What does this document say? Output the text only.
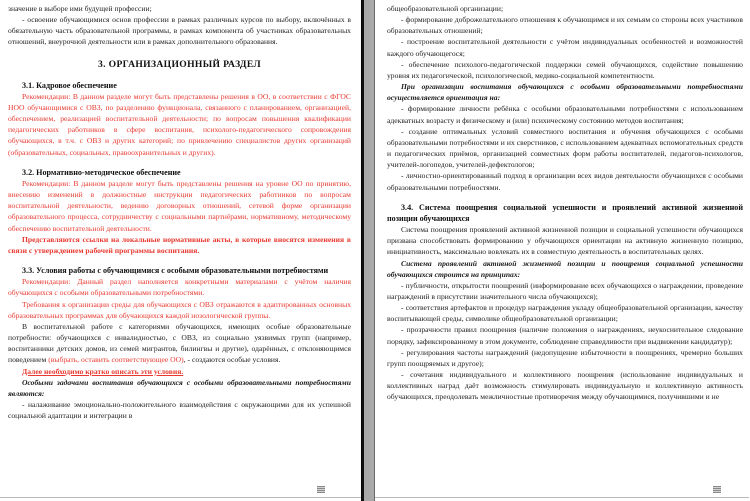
значение в выборе ими будущей профессии;

- освоение обучающимися основ профессии в рамках различных курсов по выбору, включённых в обязательную часть образовательной программы, в рамках компонента об участниках образовательных отношений, внеурочной деятельности или в рамках дополнительного образования.

3. ОРГАНИЗАЦИОННЫЙ РАЗДЕЛ
3.1. Кадровое обеспечение

Рекомендации: В данном разделе могут быть представлены решения в ОО, в соответствии с ФГОС НОО обучающимися с ОВЗ, по разделению функционала, связанного с планированием, организацией, обеспечением, реализацией воспитательной деятельности; по вопросам повышения квалификации педагогических работников в сфере воспитания, психолого-педагогического сопровождения обучающихся, в т.ч. с ОВЗ и других категорий; по привлечению специалистов других организаций (образовательных, социальных, правоохранительных и других).

3.2. Нормативно-методическое обеспечение

Рекомендации: В данном разделе могут быть представлены решения на уровне ОО по принятию, внесению изменений в должностные инструкции педагогических работников по вопросам воспитательной деятельности, ведению договорных отношений, сетевой форме организации образовательного процесса, сотрудничеству с социальными партнёрами, нормативному, методическому обеспечению воспитательной деятельности.

Представляются ссылки на локальные нормативные акты, в которые вносятся изменения в связи с утверждением рабочей программы воспитания.

3.3. Условия работы с обучающимися с особыми образовательными потребностями

Рекомендации: Данный раздел наполняется конкретными материалами с учётом наличия обучающихся с особыми образовательными потребностями.

Требования к организации среды для обучающихся с ОВЗ отражаются в адаптированных основных образовательных программах для обучающихся каждой нозологической группы.

В воспитательной работе с категориями обучающихся, имеющих особые образовательные потребности: обучающихся с инвалидностью, с ОВЗ, из социально уязвимых групп (например, воспитанники детских домов, из семей мигрантов, билингвы и другие), одарённых, с отклоняющимся поведением (выбрать, оставить соответствующее ОО), - создаются особые условия.

Далее необходимо кратко описать эти условия.

Особыми задачами воспитания обучающихся с особыми образовательными потребностями являются:

- налаживание эмоционально-положительного взаимодействия с окружающими для их успешной социальной адаптации и интеграции в

общеобразовательной организации;

- формирование доброжелательного отношения к обучающимся и их семьям со стороны всех участников образовательных отношений;

- построение воспитательной деятельности с учётом индивидуальных особенностей и возможностей каждого обучающегося;

- обеспечение психолого-педагогической поддержки семей обучающихся, содействие повышению уровня их педагогической, психологической, медико-социальной компетентности.

При организации воспитания обучающихся с особыми образовательными потребностями осуществляется ориентация на:

- формирование личности ребёнка с особыми образовательными потребностями с использованием адекватных возрасту и физическому и (или) психическому состоянию методов воспитания;

- создание оптимальных условий совместного воспитания и обучения обучающихся с особыми образовательными потребностями и их сверстников, с использованием адекватных вспомогательных средств и педагогических приёмов, организацией совместных форм работы воспитателей, педагогов-психологов, учителей-логопедов, учителей-дефектологов;

- личностно-ориентированный подход в организации всех видов деятельности обучающихся с особыми образовательными потребностями.

3.4. Система поощрения социальной успешности и проявлений активной жизненной позиции обучающихся

Система поощрения проявлений активной жизненной позиции и социальной успешности обучающихся призвана способствовать формированию у обучающихся ориентации на активную жизненную позицию, инициативность, максимально вовлекать их в совместную деятельность в воспитательных целях.

Система проявлений активной жизненной позиции и поощрения социальной успешности обучающихся строится на принципах:

- публичности, открытости поощрений (информирование всех обучающихся о награждении, проведение награждений в присутствии значительного числа обучающихся);

- соответствия артефактов и процедур награждения укладу общеобразовательной организации, качеству воспитывающей среды, символике общеобразовательной организации;

- прозрачности правил поощрения (наличие положения о награждениях, неукоснительное следование порядку, зафиксированному в этом документе, соблюдение справедливости при выдвижении кандидатур);

- регулирования частоты награждений (недопущение избыточности в поощрениях, чремерно больших групп поощряемых и другое);

- сочетания индивидуального и коллективного поощрения (использование индивидуальных и коллективных наград даёт возможность стимулировать индивидуальную и коллективную активность обучающихся, преодолевать межличностные противоречия между обучающимися, получившими и не
